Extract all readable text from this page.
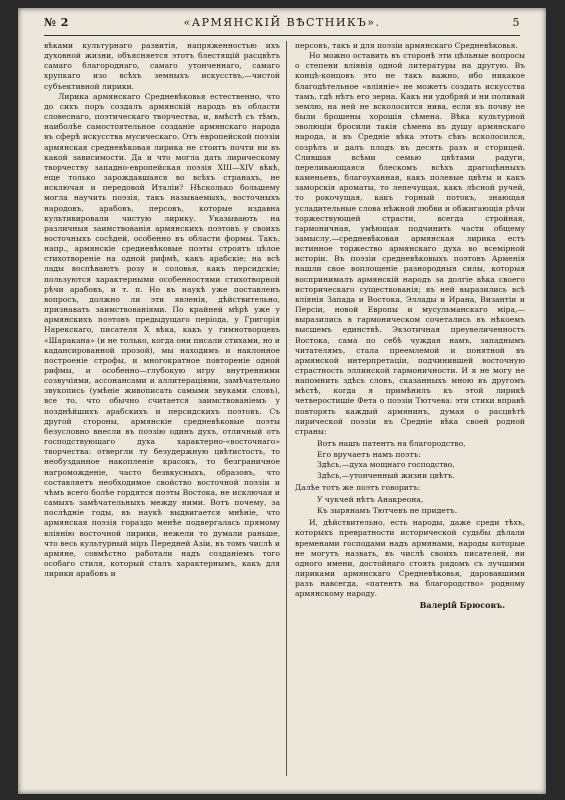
№ 2	«АРМЯНСКІЙ ВѢСТНИКЪ».	5

вѣками культурнаго развитія, напряженностью ихъ духовной жизни, объясняется этотъ блестящій расцвѣтъ самаго благороднаго, самаго утонченнаго, самаго хрупкаго изо всѣхъ земныхъ искусствъ,—чистой субъективной лирики.

Лирика армянскаго Средневѣковья естественно, что до сихъ поръ создалъ армянскій народъ въ области словеснаго, поэтическаго творчества, и, вмѣстѣ съ тѣмъ, наиболѣе самостоятельное созданіе армянскаго народа въ сферѣ искусства мусическаго. Отъ европейской поэзіи армянская средневѣковая лирика не стоитъ почти ни въ какой зависимости. Да и что могла дать лирическому творчеству западно-европейская поэзія XIII—XIV вѣкѣ, еще только зарождавшаяся во всѣхъ странахъ, не исключая и передовой Италіи? Нѣсколько большему могла научить поэзія, такъ называемыхъ, восточныхъ народовъ, арабовъ, персовъ, которые издавна культивировали чистую лирику. Указывають на различныя заимствованія армянскихъ поэтовъ у своихъ восточныхъ сосѣдей, особенно въ области формы. Такъ, напр., армянскіе средневѣковые поэты строятъ цѣлое стихотвореніе на одной рифмѣ, какъ арабскіе; на всѣ лады воспѣваютъ розу и соловья, какъ персидскіе; пользуются характерными особенностями стихотворной рѣчи арабовъ, и т. п. Но въ наукѣ уже поставленъ вопросъ, должно ли эти явленія, дѣйствительно, признавать заимствованіями. По крайней мѣрѣ уже у армянскихъ поэтовъ предыдущаго періода, у Григорія Нарекскаго, писателя X вѣка, какъ у гимнотворцевъ «Шаракана» (и не только, когда они писали стихами, но и кадансированной прозой), мы находимъ и наклонное построеніе строфы, и многократное повтореніе одной рифмы, и особенно—глубокую игру внутренними созвучіями, ассонансами и аллитераціями, замѣчательно звукопись (умѣніе живописать самыми звуками словъ), все то, что обычно считается заимствованіемъ у позднѣйшихъ арабскихъ и персидскихъ поэтовъ. Съ другой стороны, армянскіе средневѣковые поэты безусловно внесли въ поэзію одинъ духъ, отличный отъ господствующаго духа характерно-«восточнаго» творчества: отвергли ту безудержную цвѣтистость, то необузданное накопленіе красокъ, то безграничное нагроможденіе, часто безвкусныхъ, образовъ, что составляетъ необходимое свойство восточной поэзіи и чѣмъ всего болѣе гордятся поэты Востока, не исключая и самыхъ замѣчательныхъ между ними. Вотъ почему, за послѣдніе годы, въ наукѣ выдвигается мнѣніе, что армянская поэзія гораздо менѣе подвергалась прямому вліянію восточной лирики, нежели то думали раньше, что весь культурный міръ Передней Азіи, въ томъ числѣ и армяне, совмѣстно работали надъ созданіемъ того особаго стиля, который сталъ характернымъ, какъ для лирики арабовъ и

персовъ, такъ и для поэзіи армянскаго Средневѣковья.

Но можно оставить въ сторонѣ эти цѣльные вопросы о степени вліянія одной литературы на другую. Въ концѣ-концовъ это не такъ важно, ибо никакое благодѣтельное «вліяніе» не можетъ создать искусства тамъ, гдѣ нѣтъ его зерна. Какъ ни удобряй и ни поливай землю, на ней не всколосится нива, если въ почву не были брошены хорошія сѣмена. Вѣка культурной эволюціи бросили такія сѣмена въ душу армянскаго народа, и въ Средніе вѣка этотъ сѣвъ всколосился, созрѣлъ и далъ плодъ въ десять разъ и сторицей. Слившая всѣми семью цвѣтами радуги, переливающаяся блескомъ всѣхъ драгоцѣнныхъ каменьевъ, благоуханная, какъ полевые цвѣты и какъ заморскія ароматы, то лепечущая, какъ лѣсной ручей, то рокочущая, какъ горный потокъ, знающая усладительные слова нѣжной любви и обжигающія рѣчи торжествующей страсти, всегда стройная, гармоничная, умѣющая подчинить части общему замыслу,—средневѣковая армянская лирика есть истинное торжество армянскаго духа во всемірной исторіи. Въ поэзіи средневѣковыхъ поэтовъ Арменія нашли свое воплощеніе разнородныя силы, которыя воспринималъ армянскій народъ за долгіе вѣка своего историческаго существованія; въ ней выразились всѣ вліянія Запада и Востока, Эллады и Ирана, Византіи и Персіи, новой Европы и мусульманскаго міра,—выразились в гармоническом сочетались въ нѣкоемъ высшемъ единствѣ. Экзотичная преувеличенность Востока, сама по себѣ чуждая намъ, западнымъ читателямъ, стала преемлемой и понятной въ армянской интерпретаціи, подчинившей восточную страстность эллинской гармоничности. И я не могу не напомнить здѣсь словъ, сказанныхъ мною въ другомъ мѣстѣ, когда я примѣнилъ къ этой лирикѣ четверостишіе Фета о поэзіи Тютчева: эти стихи вправѣ повторять каждый армянинъ, думая о расцвѣтѣ лирической поэзіи въ Средніе вѣка своей родной страны:

Вотъ нашъ патентъ на благородство,
Его вручаетъ намъ поэтъ:
Здѣсь,—духа мощнаго господство,
Здѣсь,—утонченный жизни цвѣтъ.

Далѣе тотъ же поэтъ говоритъ:

У чукчей нѣтъ Анакреона,
Къ зырянамъ Тютчевъ не придетъ.

И, дѣйствительно, есть народы, даже среди тѣхъ, которыхъ превратности исторической судьбы дѣлали временами господами надъ армянами, народы которые не могутъ назвать, въ числѣ своихъ писателей, ни одного имени, достойнаго стоять рядомъ съ лучшими лириками армянскаго Средневѣковья, даровавшими разъ навсегда, «патентъ на благородство» родному армянскому народу.

Валерій Брюсовъ.
